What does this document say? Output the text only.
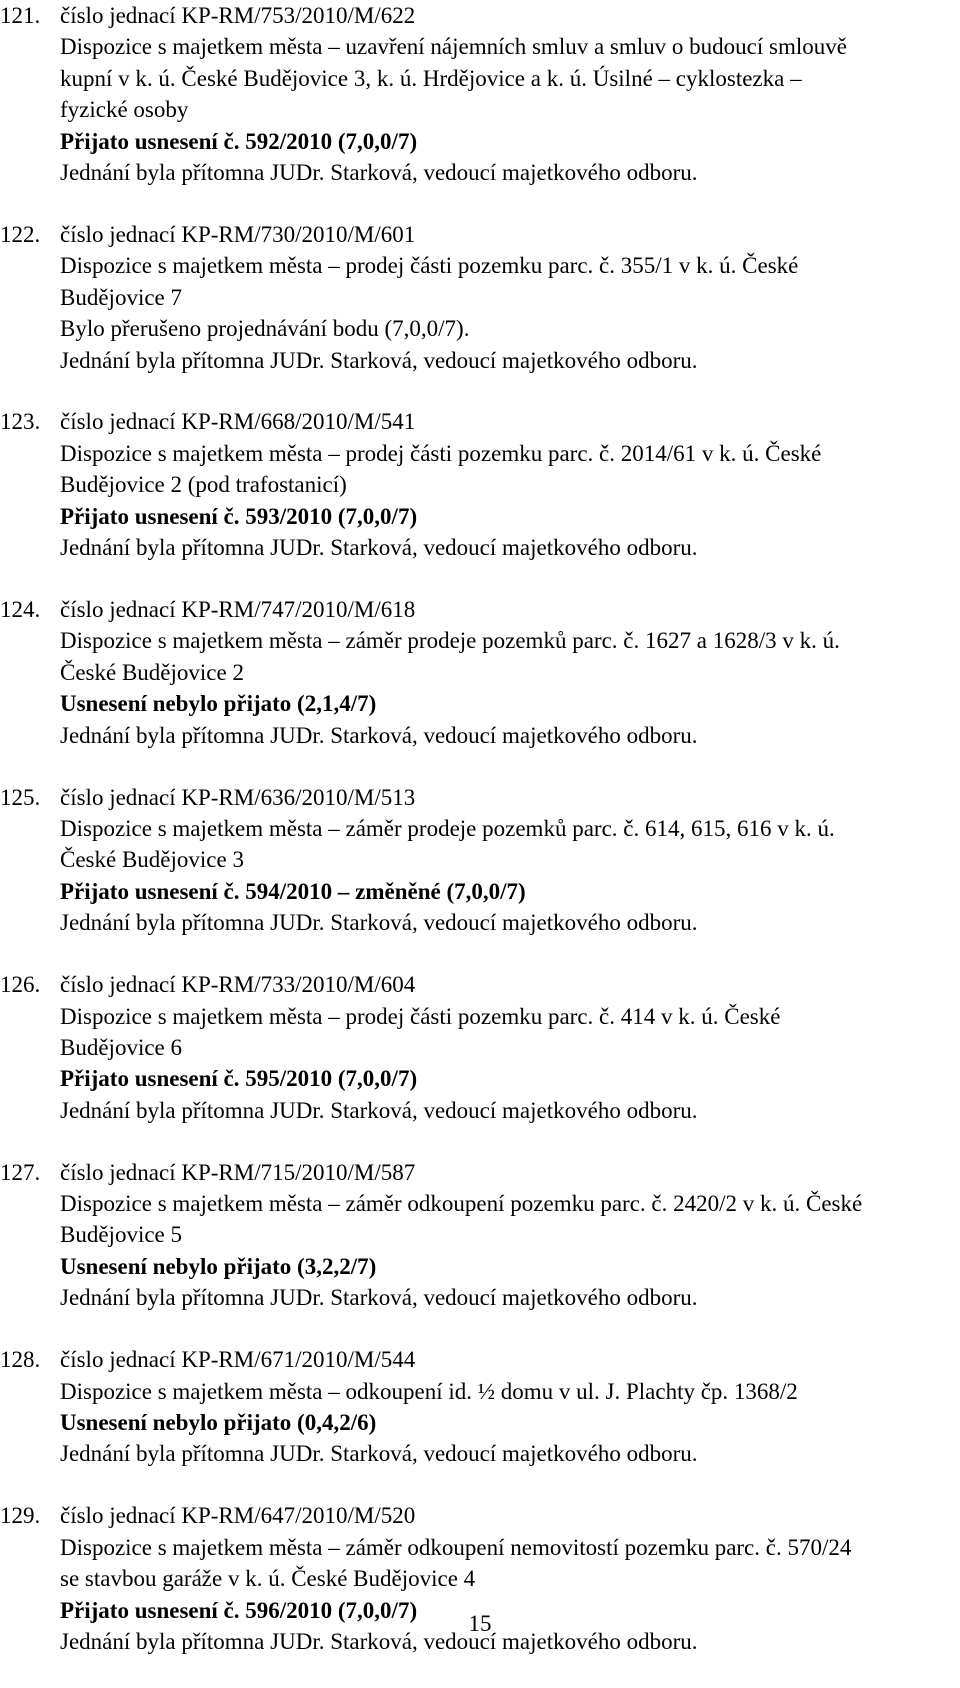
121. číslo jednací KP-RM/753/2010/M/622
Dispozice s majetkem města – uzavření nájemních smluv a smluv o budoucí smlouvě
kupní v k. ú. České Budějovice 3, k. ú. Hrdějovice a k. ú. Úsilné – cyklostezka –
fyzické osoby
Přijato usnesení č. 592/2010 (7,0,0/7)
Jednání byla přítomna JUDr. Starková, vedoucí majetkového odboru.
122. číslo jednací KP-RM/730/2010/M/601
Dispozice s majetkem města – prodej části pozemku parc. č. 355/1 v k. ú. České
Budějovice 7
Bylo přerušeno projednávání bodu (7,0,0/7).
Jednání byla přítomna JUDr. Starková, vedoucí majetkového odboru.
123. číslo jednací KP-RM/668/2010/M/541
Dispozice s majetkem města – prodej části pozemku parc. č. 2014/61 v k. ú. České
Budějovice 2 (pod trafostanicí)
Přijato usnesení č. 593/2010 (7,0,0/7)
Jednání byla přítomna JUDr. Starková, vedoucí majetkového odboru.
124. číslo jednací KP-RM/747/2010/M/618
Dispozice s majetkem města – záměr prodeje pozemků parc. č. 1627 a 1628/3 v k. ú.
České Budějovice 2
Usnesení nebylo přijato (2,1,4/7)
Jednání byla přítomna JUDr. Starková, vedoucí majetkového odboru.
125. číslo jednací KP-RM/636/2010/M/513
Dispozice s majetkem města – záměr prodeje pozemků parc. č. 614, 615, 616 v k. ú.
České Budějovice 3
Přijato usnesení č. 594/2010 – změněné (7,0,0/7)
Jednání byla přítomna JUDr. Starková, vedoucí majetkového odboru.
126. číslo jednací KP-RM/733/2010/M/604
Dispozice s majetkem města – prodej části pozemku parc. č. 414 v k. ú. České
Budějovice 6
Přijato usnesení č. 595/2010 (7,0,0/7)
Jednání byla přítomna JUDr. Starková, vedoucí majetkového odboru.
127. číslo jednací KP-RM/715/2010/M/587
Dispozice s majetkem města – záměr odkoupení pozemku parc. č. 2420/2 v k. ú. České
Budějovice 5
Usnesení nebylo přijato (3,2,2/7)
Jednání byla přítomna JUDr. Starková, vedoucí majetkového odboru.
128. číslo jednací KP-RM/671/2010/M/544
Dispozice s majetkem města – odkoupení id. ½ domu v ul. J. Plachty čp. 1368/2
Usnesení nebylo přijato (0,4,2/6)
Jednání byla přítomna JUDr. Starková, vedoucí majetkového odboru.
129. číslo jednací KP-RM/647/2010/M/520
Dispozice s majetkem města – záměr odkoupení nemovitostí pozemku parc. č. 570/24
se stavbou garáže v k. ú. České Budějovice 4
Přijato usnesení č. 596/2010 (7,0,0/7)
Jednání byla přítomna JUDr. Starková, vedoucí majetkového odboru.
15
